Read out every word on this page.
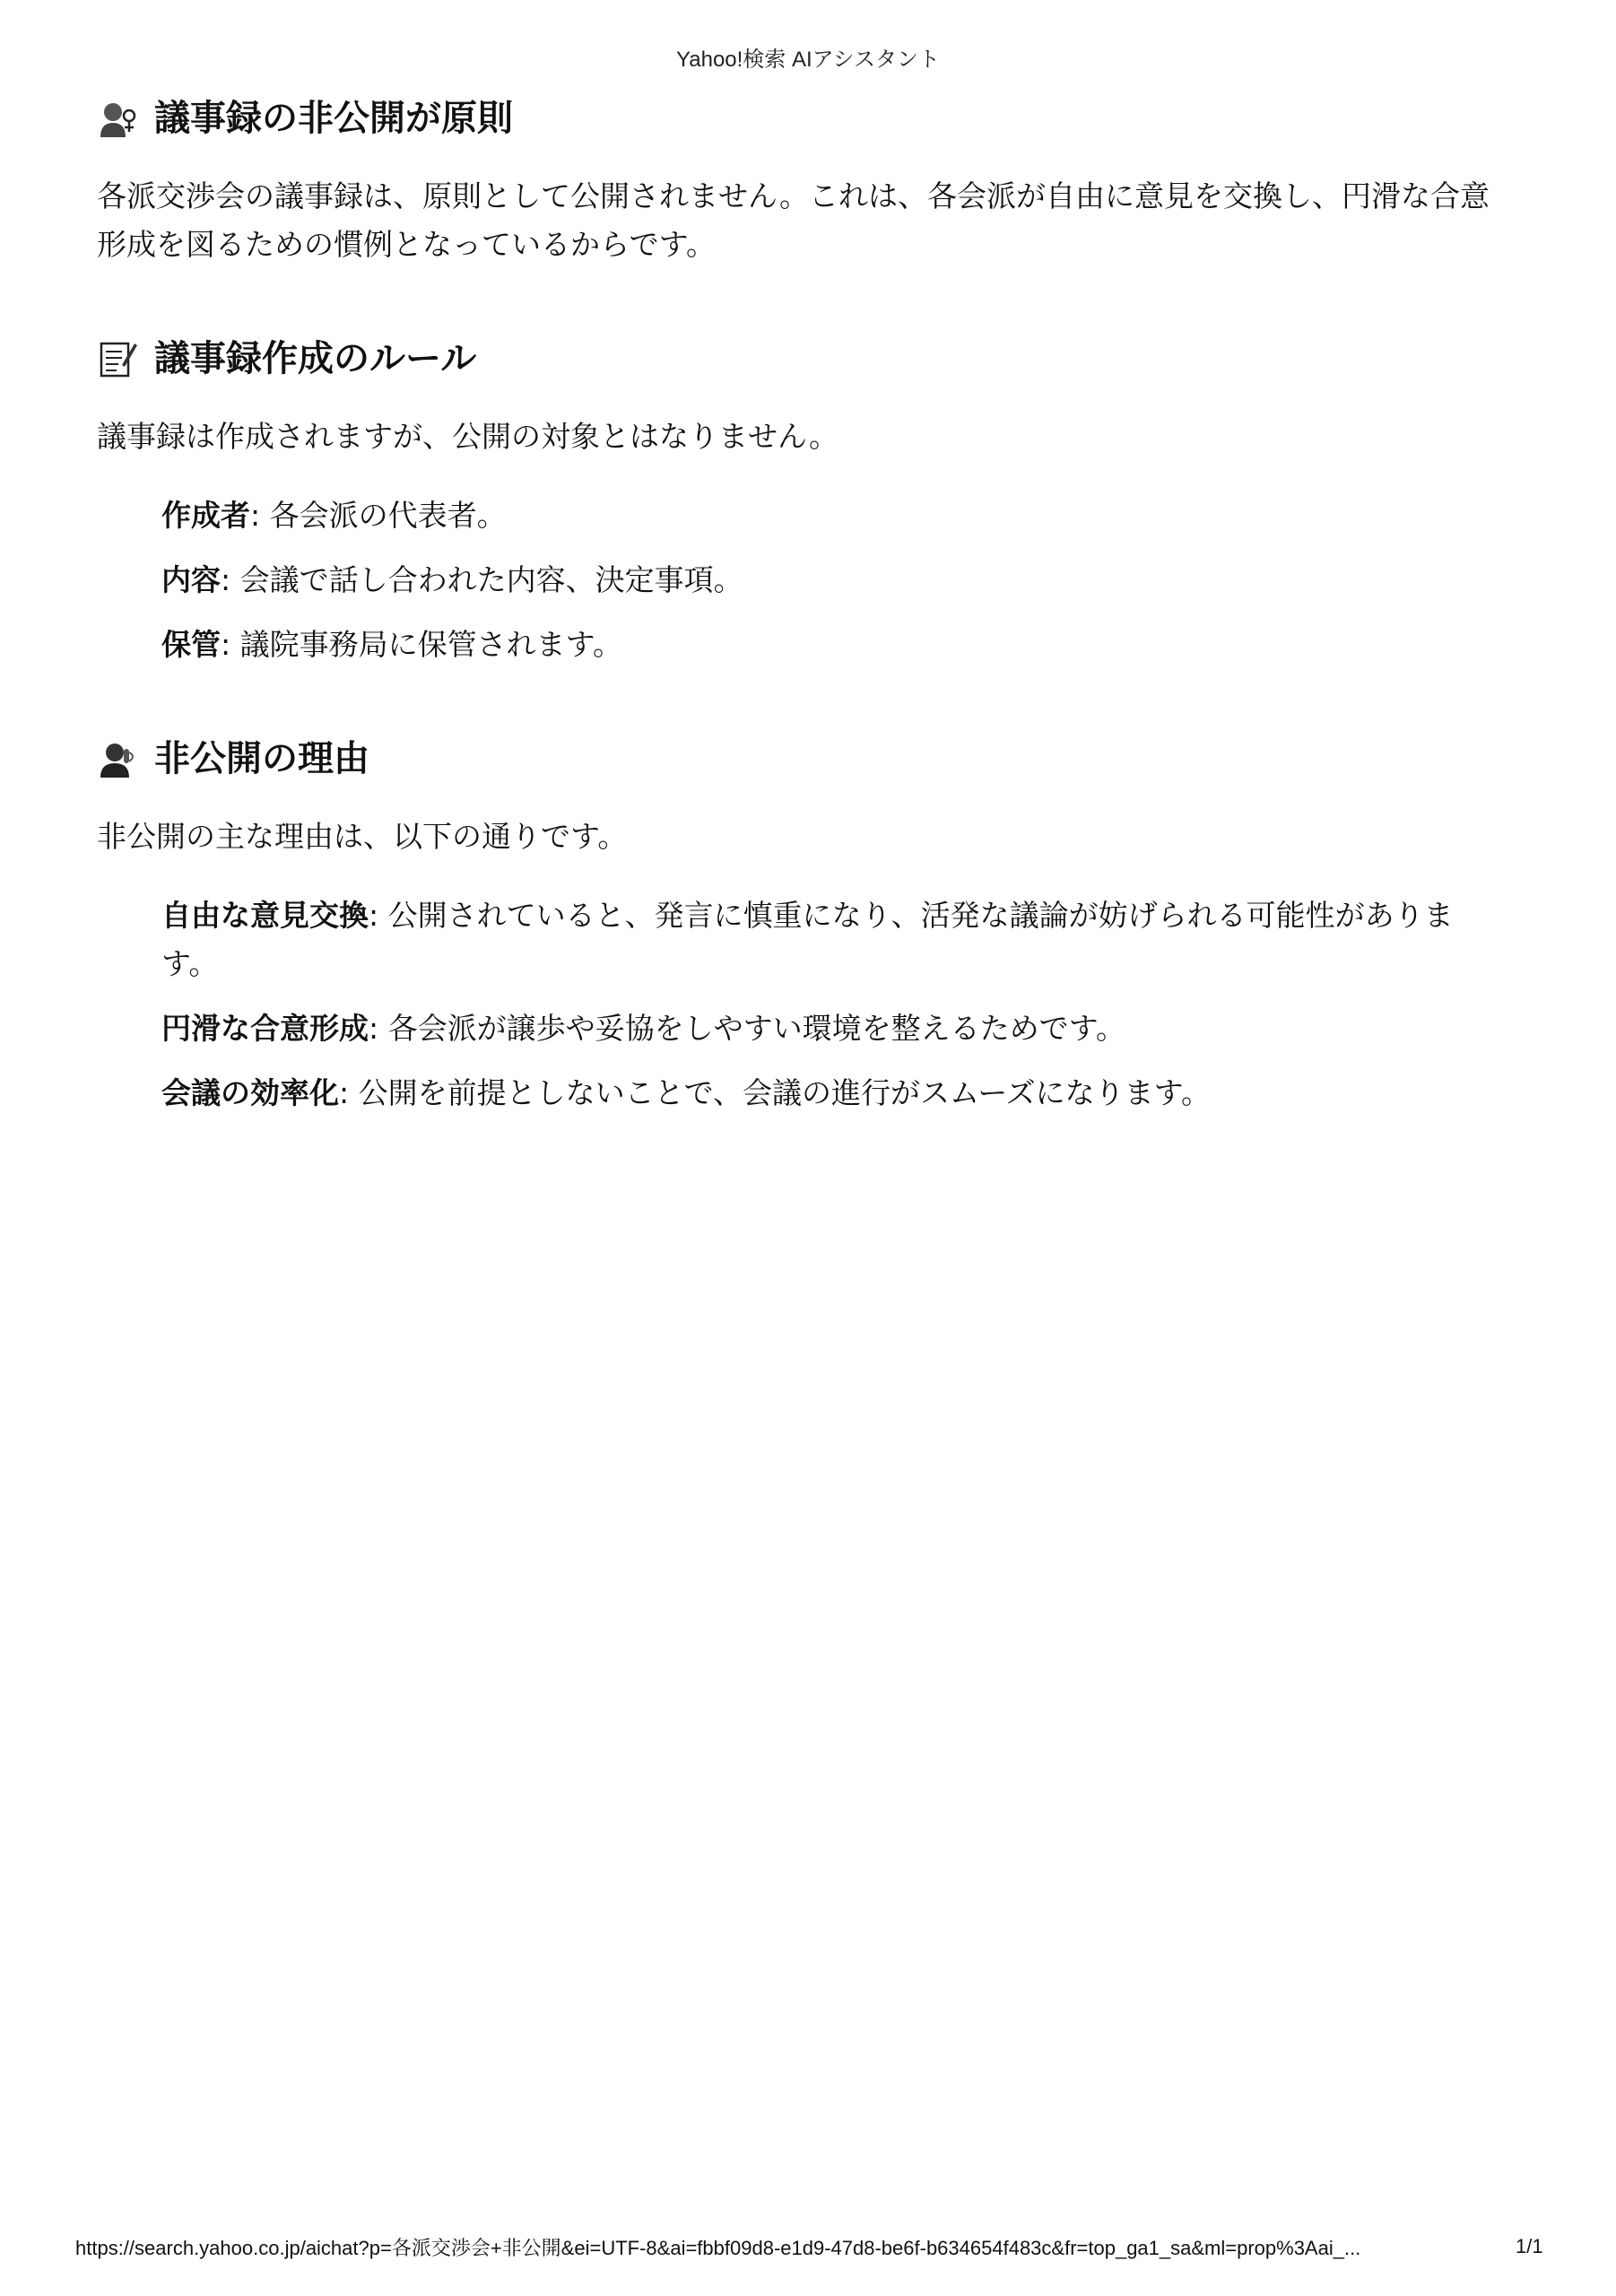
Yahoo!検索 AIアシスタント
議事録の非公開が原則

各派交渉会の議事録は、原則として公開されません。これは、各会派が自由に意見を交換し、円滑な合意形成を図るための慣例となっているからです。

議事録作成のルール

議事録は作成されますが、公開の対象とはなりません。

作成者: 各会派の代表者。
内容: 会議で話し合われた内容、決定事項。
保管: 議院事務局に保管されます。
非公開の理由

非公開の主な理由は、以下の通りです。

自由な意見交換: 公開されていると、発言に慎重になり、活発な議論が妨げられる可能性があります。
円滑な合意形成: 各会派が譲歩や妥協をしやすい環境を整えるためです。
会議の効率化: 公開を前提としないことで、会議の進行がスムーズになります。
https://search.yahoo.co.jp/aichat?p=各派交渉会+非公開&ei=UTF-8&ai=fbbf09d8-e1d9-47d8-be6f-b634654f483c&fr=top_ga1_sa&ml=prop%3Aai_...	1/1
